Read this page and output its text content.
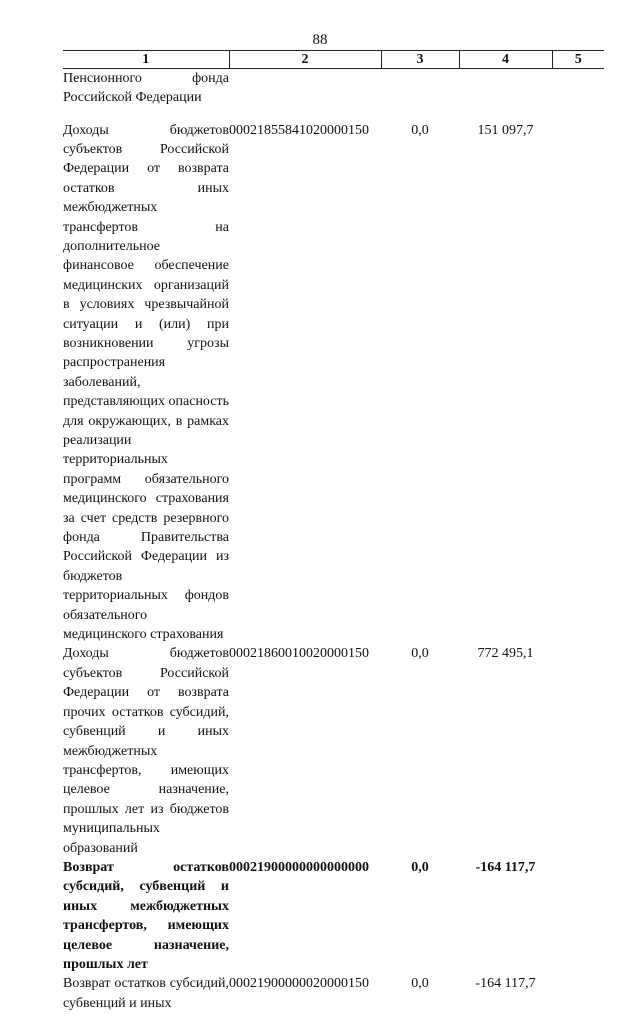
88
1	2	3	4	5

Пенсионного фонда Российской Федерации				

Доходы бюджетов субъектов Российской Федерации от возврата остатков иных межбюджетных трансфертов на дополнительное финансовое обеспечение медицинских организаций в условиях чрезвычайной ситуации и (или) при возникновении угрозы распространения заболеваний, представляющих опасность для окружающих, в рамках реализации территориальных программ обязательного медицинского страхования за счет средств резервного фонда Правительства Российской Федерации из бюджетов территориальных фондов обязательного медицинского страхования	00021855841020000150	0,0	151 097,7	

Доходы бюджетов субъектов Российской Федерации от возврата прочих остатков субсидий, субвенций и иных межбюджетных трансфертов, имеющих целевое назначение, прошлых лет из бюджетов муниципальных образований	00021860010020000150	0,0	772 495,1	

Возврат остатков субсидий, субвенций и иных межбюджетных трансфертов, имеющих целевое назначение, прошлых лет	00021900000000000000	0,0	-164 117,7	

Возврат остатков субсидий, субвенций и иных	00021900000020000150	0,0	-164 117,7	
